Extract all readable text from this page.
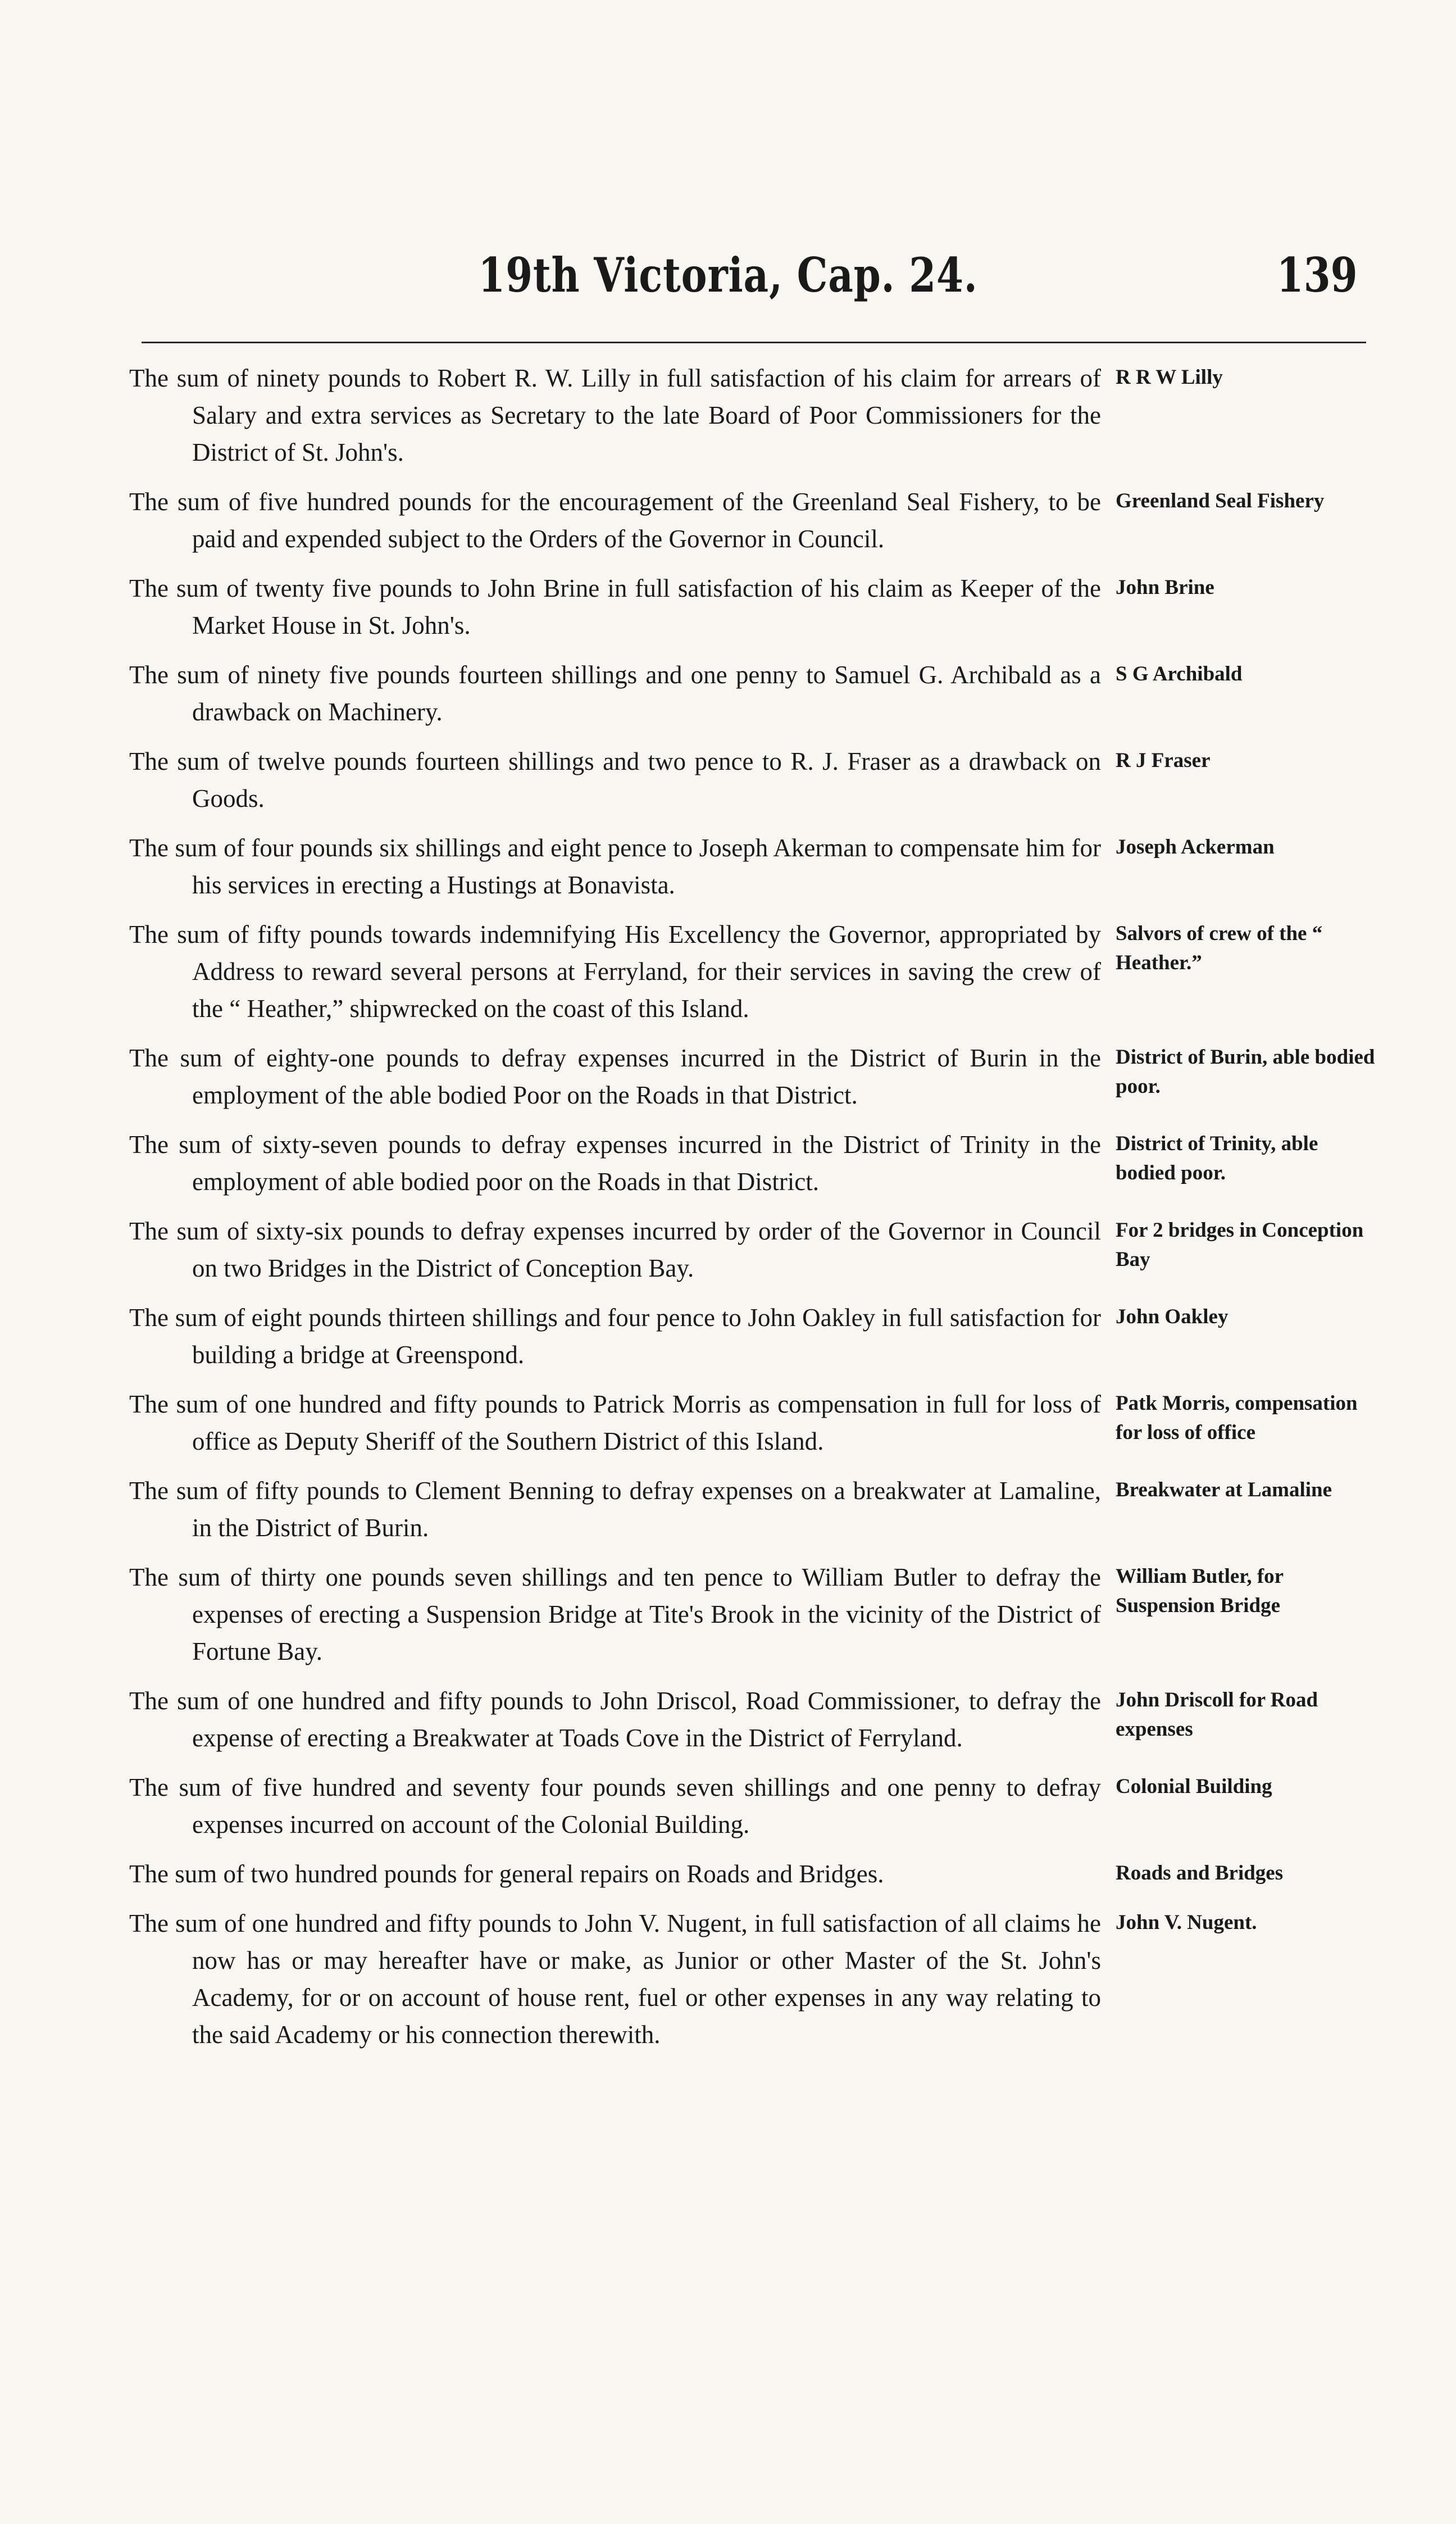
19th Victoria, Cap. 24.	139

The sum of ninety pounds to Robert R. W. Lilly in full satisfaction of his claim for arrears of Salary and extra services as Secretary to the late Board of Poor Commissioners for the District of St. John's.

R R W Lilly

The sum of five hundred pounds for the encouragement of the Greenland Seal Fishery, to be paid and expended subject to the Orders of the Governor in Council.

Greenland Seal Fishery

The sum of twenty five pounds to John Brine in full satisfaction of his claim as Keeper of the Market House in St. John's.

John Brine

The sum of ninety five pounds fourteen shillings and one penny to Samuel G. Archibald as a drawback on Machinery.

S G Archibald

The sum of twelve pounds fourteen shillings and two pence to R. J. Fraser as a drawback on Goods.

R J Fraser

The sum of four pounds six shillings and eight pence to Joseph Akerman to compensate him for his services in erecting a Hustings at Bonavista.

Joseph Ackerman

The sum of fifty pounds towards indemnifying His Excellency the Governor, appropriated by Address to reward several persons at Ferryland, for their services in saving the crew of the “ Heather,” shipwrecked on the coast of this Island.

Salvors of crew of the “ Heather.”

The sum of eighty-one pounds to defray expenses incurred in the District of Burin in the employment of the able bodied Poor on the Roads in that District.

District of Burin, able bodied poor.

The sum of sixty-seven pounds to defray expenses incurred in the District of Trinity in the employment of able bodied poor on the Roads in that District.

District of Trinity, able bodied poor.

The sum of sixty-six pounds to defray expenses incurred by order of the Governor in Council on two Bridges in the District of Conception Bay.

For 2 bridges in Conception Bay

The sum of eight pounds thirteen shillings and four pence to John Oakley in full satisfaction for building a bridge at Greenspond.

John Oakley

The sum of one hundred and fifty pounds to Patrick Morris as compensation in full for loss of office as Deputy Sheriff of the Southern District of this Island.

Patk Morris, compensation for loss of office

The sum of fifty pounds to Clement Benning to defray expenses on a breakwater at Lamaline, in the District of Burin.

Breakwater at Lamaline

The sum of thirty one pounds seven shillings and ten pence to William Butler to defray the expenses of erecting a Suspension Bridge at Tite's Brook in the vicinity of the District of Fortune Bay.

William Butler, for Suspension Bridge

The sum of one hundred and fifty pounds to John Driscol, Road Commissioner, to defray the expense of erecting a Breakwater at Toads Cove in the District of Ferryland.

John Driscoll for Road expenses

The sum of five hundred and seventy four pounds seven shillings and one penny to defray expenses incurred on account of the Colonial Building.

Colonial Building

The sum of two hundred pounds for general repairs on Roads and Bridges.	Roads and Bridges

The sum of one hundred and fifty pounds to John V. Nugent, in full satisfaction of all claims he now has or may hereafter have or make, as Junior or other Master of the St. John's Academy, for or on account of house rent, fuel or other expenses in any way relating to the said Academy or his connection therewith.

John V. Nugent.
